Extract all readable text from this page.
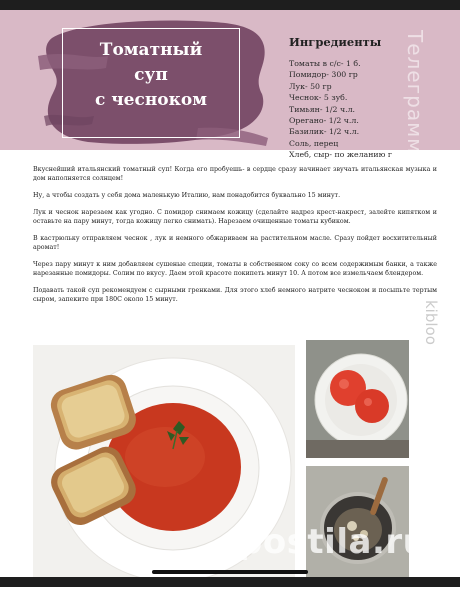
Томатный
суп
с чесноком
Ингредиенты
Томаты в с/с- 1 б.
Помидор- 300 гр
Лук- 50 гр
Чеснок- 5 зуб.
Тимьян- 1/2 ч.л.
Орегано- 1/2 ч.л.
Базилик- 1/2 ч.л.
Соль, перец
Хлеб, сыр- по желанию г Телеграмм канал @s

Вкуснейший итальянский томатный суп! Когда его пробуешь- в сердце сразу начинает звучать итальянская музыка и дом наполняется солнцем!

Ну, а чтобы создать у себя дома маленькую Италию, нам понадобится буквально 15 минут.

Лук и чеснок нарезаем как угодно. С помидор снимаем кожицу (сделайте надрез крест-накрест, залейте кипятком и оставьте на пару минут, тогда кожицу легко снимать). Нарезаем очищенные томаты кубиком.

В кастрюльку отправляем чеснок , лук и немного обжариваем на растительном масле. Сразу пойдет восхитительный аромат!

Через пару минут к ним добавляем сушеные специи, томаты в собственном соку со всем содержимым банки, а также нарезанные помидоры. Солим по вкусу. Даем этой красоте покипеть минут 10. А потом все измельчаем блендером.

Подавать такой суп рекомендуем с сырными гренками. Для этого хлеб немного натрите чесноком и посыпьте тертым сыром, запеките при 180С около 15 минут.

kibloo
postila.ru
